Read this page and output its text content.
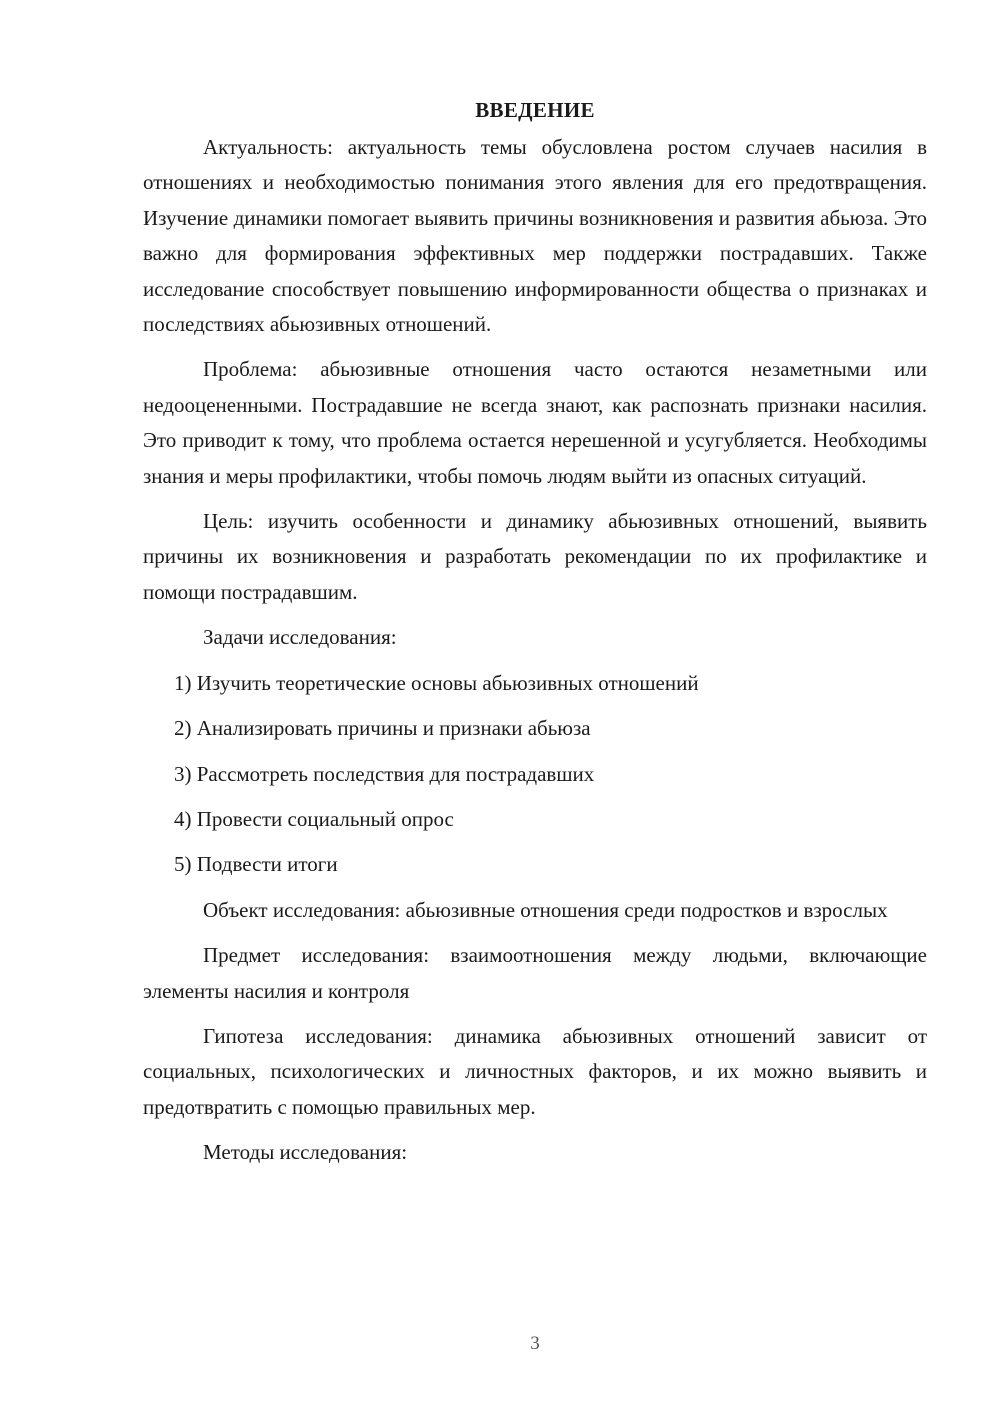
ВВЕДЕНИЕ

Актуальность: актуальность темы обусловлена ростом случаев насилия в отношениях и необходимостью понимания этого явления для его предотвращения. Изучение динамики помогает выявить причины возникновения и развития абьюза. Это важно для формирования эффективных мер поддержки пострадавших. Также исследование способствует повышению информированности общества о признаках и последствиях абьюзивных отношений.

Проблема: абьюзивные отношения часто остаются незаметными или недооцененными. Пострадавшие не всегда знают, как распознать признаки насилия. Это приводит к тому, что проблема остается нерешенной и усугубляется. Необходимы знания и меры профилактики, чтобы помочь людям выйти из опасных ситуаций.

Цель: изучить особенности и динамику абьюзивных отношений, выявить причины их возникновения и разработать рекомендации по их профилактике и помощи пострадавшим.

Задачи исследования:

1) Изучить теоретические основы абьюзивных отношений

2) Анализировать причины и признаки абьюза

3) Рассмотреть последствия для пострадавших

4) Провести социальный опрос

5) Подвести итоги

Объект исследования: абьюзивные отношения среди подростков и взрослых

Предмет исследования: взаимоотношения между людьми, включающие элементы насилия и контроля

Гипотеза исследования: динамика абьюзивных отношений зависит от социальных, психологических и личностных факторов, и их можно выявить и предотвратить с помощью правильных мер.

Методы исследования:

3
